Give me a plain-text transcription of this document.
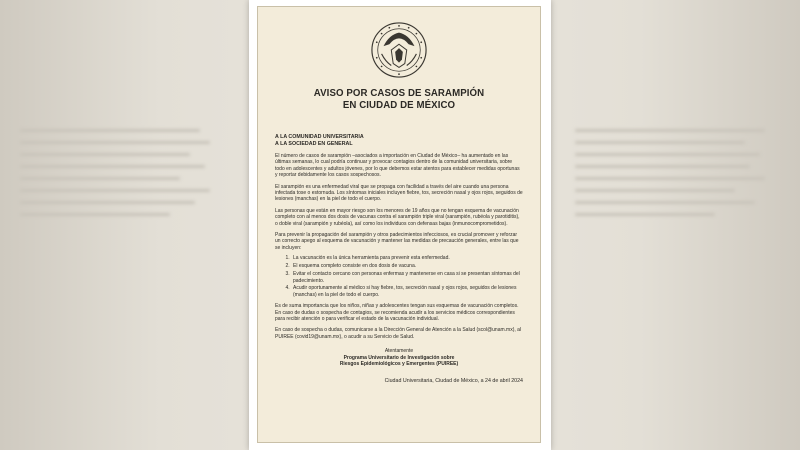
AVISO POR CASOS DE SARAMPIÓN
EN CIUDAD DE MÉXICO
A LA COMUNIDAD UNIVERSITARIA
A LA SOCIEDAD EN GENERAL
El número de casos de sarampión –asociados a importación en Ciudad de México– ha aumentado en las últimas semanas, lo cual podría continuar y provocar contagios dentro de la comunidad universitaria, sobre todo en adolescentes y adultos jóvenes, por lo que debemos estar atentos para establecer medidas oportunas y reportar debidamente los casos sospechosos.
El sarampión es una enfermedad viral que se propaga con facilidad a través del aire cuando una persona infectada tose o estornuda. Los síntomas iniciales incluyen fiebre, tos, secreción nasal y ojos rojos, seguidos de lesiones (manchas) en la piel de todo el cuerpo.
Las personas que están en mayor riesgo son los menores de 19 años que no tengan esquema de vacunación completo con al menos dos dosis de vacunas contra el sarampión triple viral (sarampión, rubéola y parotiditis), o doble viral (sarampión y rubéola), así como los individuos con defensas bajas (inmunocomprometidos).
Para prevenir la propagación del sarampión y otros padecimientos infecciosos, es crucial promover y reforzar un correcto apego al esquema de vacunación y mantener las medidas de precaución generales, entre las que se incluyen:
1. La vacunación es la única herramienta para prevenir esta enfermedad.
2. El esquema completo consiste en dos dosis de vacuna.
3. Evitar el contacto cercano con personas enfermas y mantenerse en casa si se presentan síntomas del padecimiento.
4. Acudir oportunamente al médico si hay fiebre, tos, secreción nasal y ojos rojos, seguidos de lesiones (manchas) en la piel de todo el cuerpo.
Es de suma importancia que los niños, niñas y adolescentes tengan sus esquemas de vacunación completos. En caso de dudas o sospecha de contagios, se recomienda acudir a los servicios médicos correspondientes para recibir atención o para verificar el estado de la vacunación individual.
En caso de sospecha o dudas, comunicarse a la Dirección General de Atención a la Salud (scol@unam.mx), al PUIREE (covid19@unam.mx), o acudir a su Servicio de Salud.
Atentamente
Programa Universitario de Investigación sobre
Riesgos Epidemiológicos y Emergentes (PUIREE)
Ciudad Universitaria, Ciudad de México, a 24 de abril 2024
